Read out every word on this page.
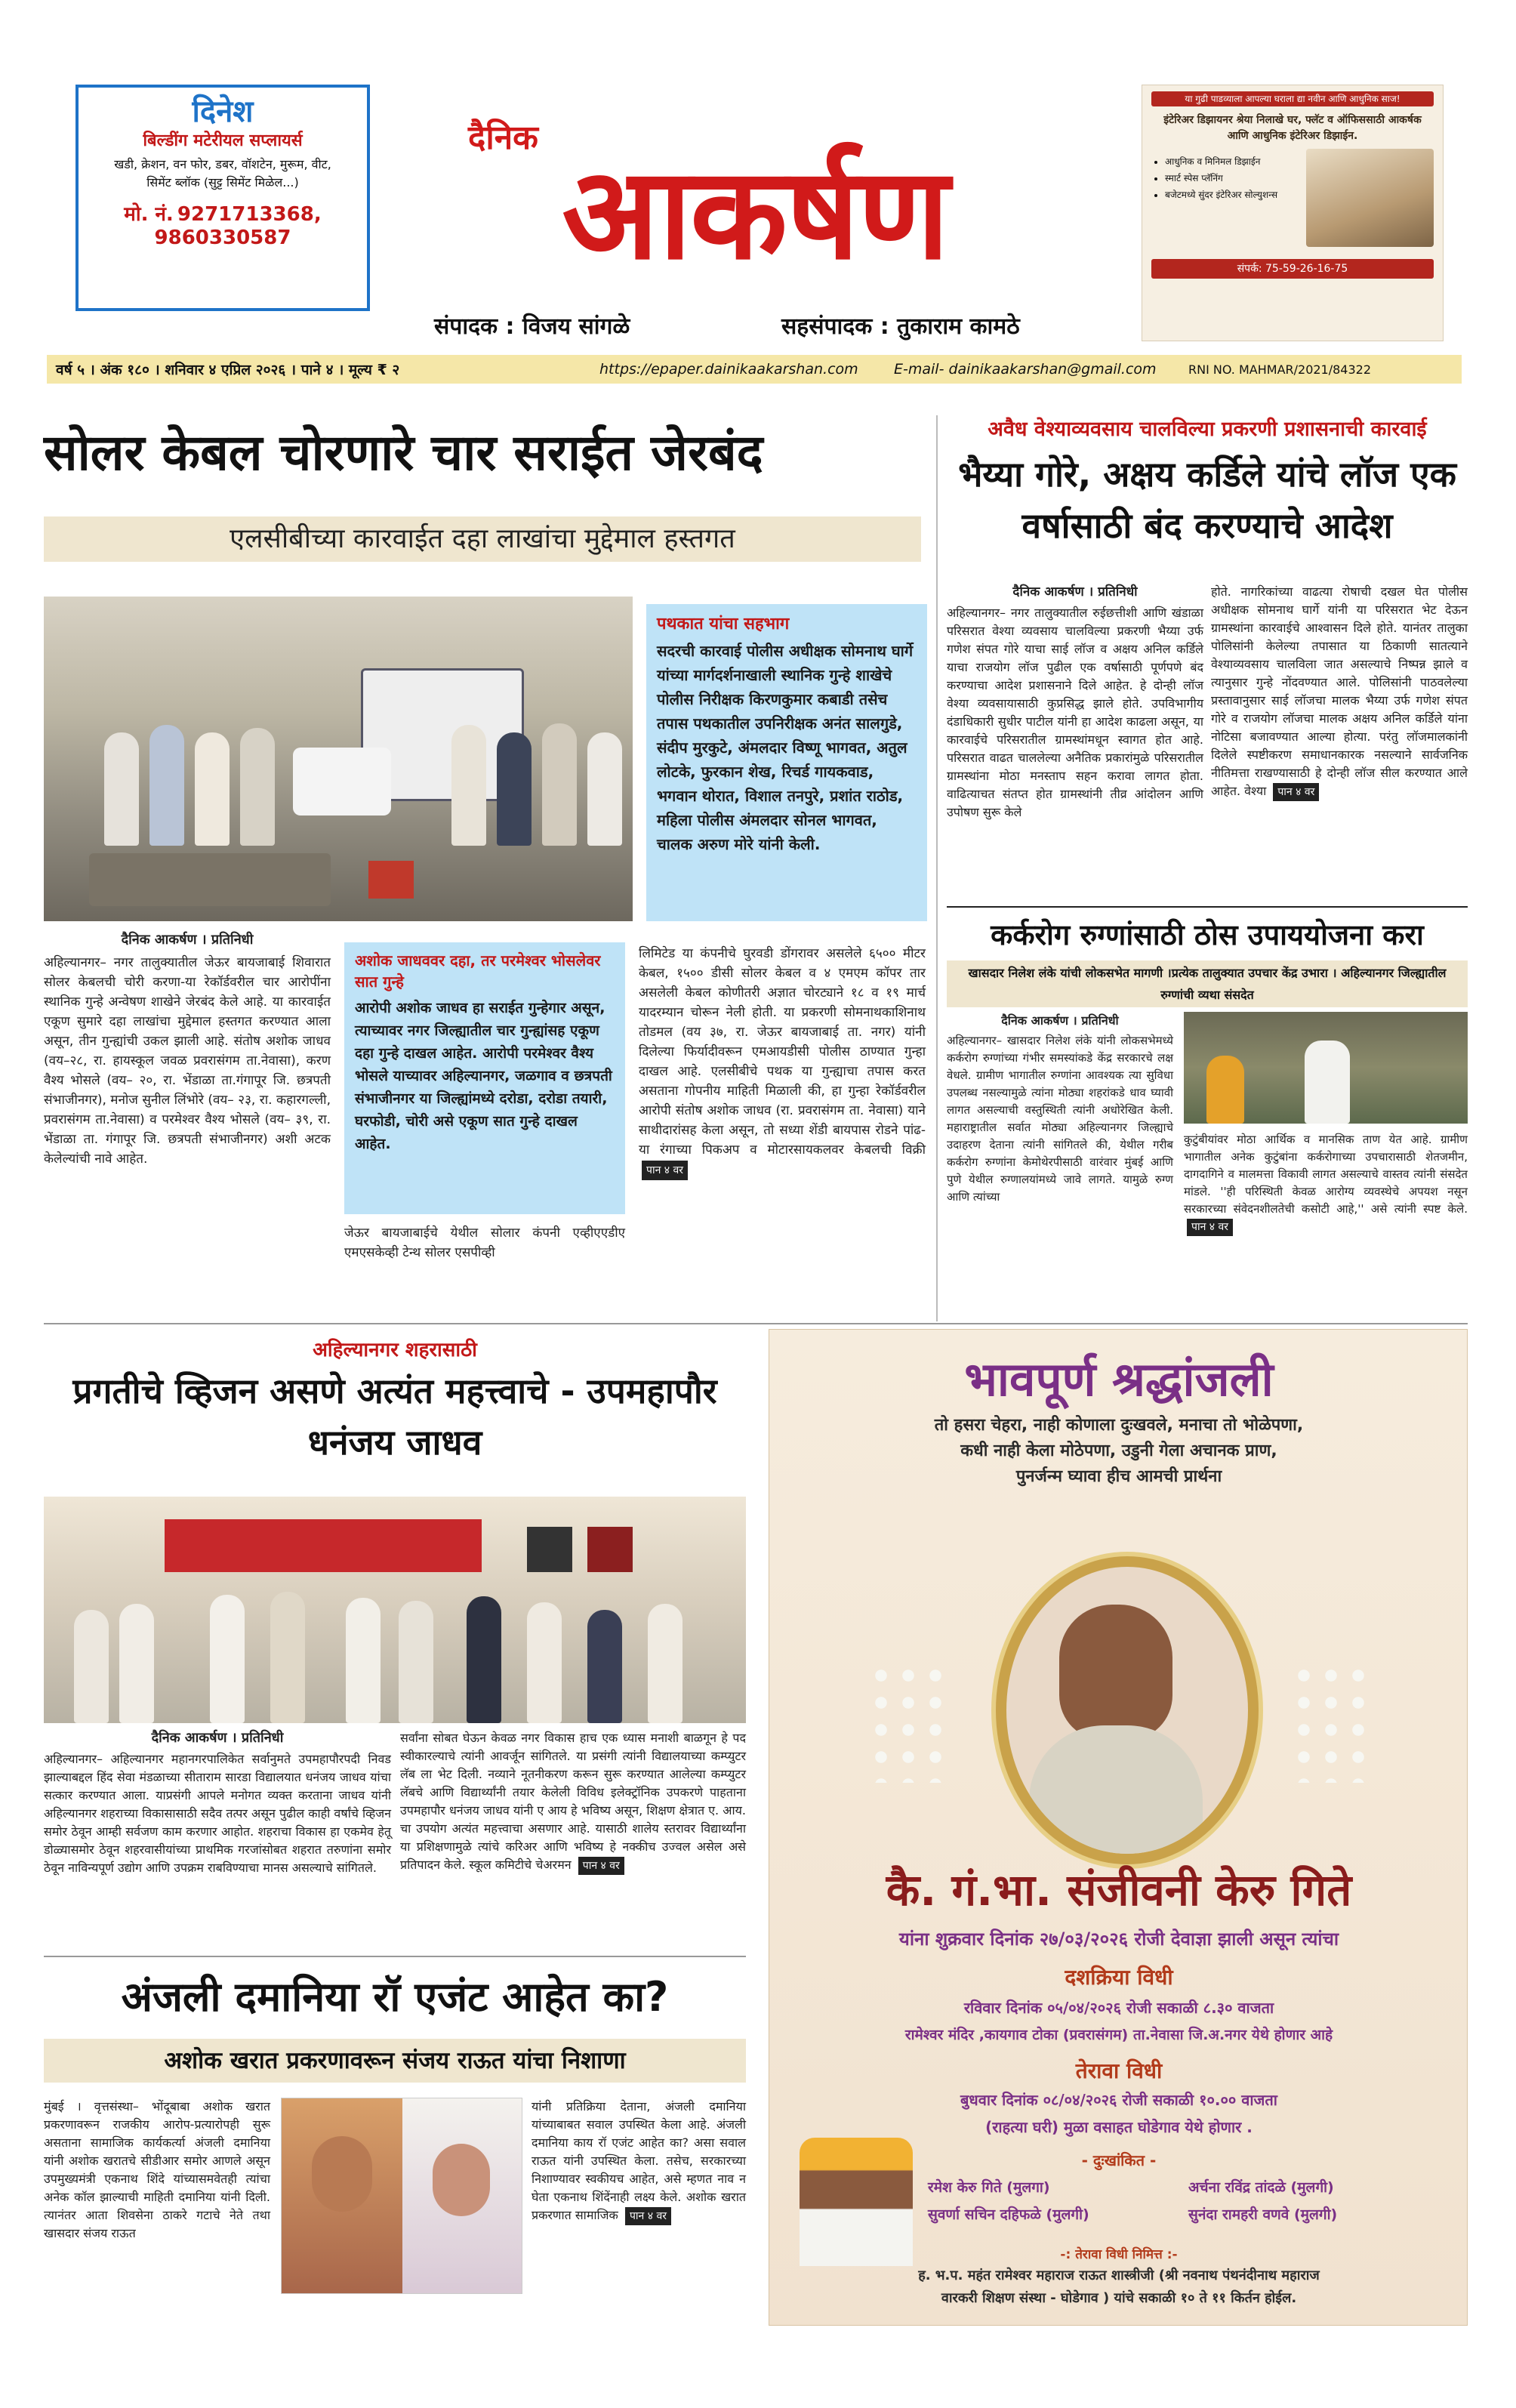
दिनेश
बिल्डींग मटेरीयल सप्लायर्स
खडी, क्रेशन, वन फोर, डबर, वॉशटेन, मुरूम, वीट, सिमेंट ब्लॉक (सुट्ट सिमेंट मिळेल...)
मो. नं. 9271713368,
9860330587
दैनिक
आकर्षण
संपादक : विजय सांगळे	सहसंपादक : तुकाराम कामठे
या गुढी पाडव्याला आपल्या घराला द्या नवीन आणि आधुनिक साज!
इंटेरिअर डिझायनर श्रेया निलाखे घर, फ्लॅट व ऑफिससाठी आकर्षक आणि आधुनिक इंटेरिअर डिझाईन.
• आधुनिक व मिनिमल डिझाईन
• स्मार्ट स्पेस प्लॅनिंग
• बजेटमध्ये सुंदर इंटेरिअर सोल्युशन्स
संपर्क: 75-59-26-16-75
वर्ष ५ । अंक १८० । शनिवार ४ एप्रिल २०२६ । पाने ४ । मूल्य ₹ २	https://epaper.dainikaakarshan.com	E-mail- dainikaakarshan@gmail.com	RNI NO. MAHMAR/2021/84322
सोलर केबल चोरणारे चार सराईत जेरबंद
एलसीबीच्या कारवाईत दहा लाखांचा मुद्देमाल हस्तगत
पथकात यांचा सहभाग
सदरची कारवाई पोलीस अधीक्षक सोमनाथ घार्गे यांच्या मार्गदर्शनाखाली स्थानिक गुन्हे शाखेचे पोलीस निरीक्षक किरणकुमार कबाडी तसेच तपास पथकातील उपनिरीक्षक अनंत सालगुडे, संदीप मुरकुटे, अंमलदार विष्णू भागवत, अतुल लोटके, फुरकान शेख, रिचर्ड गायकवाड, भगवान थोरात, विशाल तनपुरे, प्रशांत राठोड, महिला पोलीस अंमलदार सोनल भागवत, चालक अरुण मोरे यांनी केली.
दैनिक आकर्षण । प्रतिनिधी

अहिल्यानगर– नगर तालुक्यातील जेऊर बायजाबाई शिवारात सोलर केबलची चोरी करणा-या रेकॉर्डवरील चार आरोपींना स्थानिक गुन्हे अन्वेषण शाखेने जेरबंद केले आहे. या कारवाईत एकूण सुमारे दहा लाखांचा मुद्देमाल हस्तगत करण्यात आला असून, तीन गुन्ह्यांची उकल झाली आहे. संतोष अशोक जाधव (वय–२८, रा. हायस्कूल जवळ प्रवरासंगम ता.नेवासा), करण वैश्य भोसले (वय– २०, रा. भेंडाळा ता.गंगापूर जि. छत्रपती संभाजीनगर), मनोज सुनील लिंभोरे (वय– २३, रा. कहारगल्ली, प्रवरासंगम ता.नेवासा) व परमेश्वर वैश्य भोसले (वय– ३९, रा. भेंडाळा ता. गंगापूर जि. छत्रपती संभाजीनगर) अशी अटक केलेल्यांची नावे आहेत.

अशोक जाधववर दहा, तर परमेश्वर भोसलेवर सात गुन्हे
आरोपी अशोक जाधव हा सराईत गुन्हेगार असून, त्याच्यावर नगर जिल्ह्यातील चार गुन्ह्यांसह एकूण दहा गुन्हे दाखल आहेत. आरोपी परमेश्वर वैश्य भोसले याच्यावर अहिल्यानगर, जळगाव व छत्रपती संभाजीनगर या जिल्ह्यांमध्ये दरोडा, दरोडा तयारी, घरफोडी, चोरी असे एकूण सात गुन्हे दाखल आहेत.
जेऊर बायजाबाईचे येथील सोलार कंपनी एव्हीएएडीए एमएसकेव्ही टेन्थ सोलर एसपीव्ही

लिमिटेड या कंपनीचे घुरवडी डोंगरावर असलेले ६५०० मीटर केबल, १५०० डीसी सोलर केबल व ४ एमएम कॉपर तार असलेली केबल कोणीतरी अज्ञात चोरट्याने १८ व १९ मार्च यादरम्यान चोरून नेली होती. या प्रकरणी सोमनाथकाशिनाथ तोडमल (वय ३७, रा. जेऊर बायजाबाई ता. नगर) यांनी दिलेल्या फिर्यादीवरून एमआयडीसी पोलीस ठाण्यात गुन्हा दाखल आहे. एलसीबीचे पथक या गुन्ह्याचा तपास करत असताना गोपनीय माहिती मिळाली की, हा गुन्हा रेकॉर्डवरील आरोपी संतोष अशोक जाधव (रा. प्रवरासंगम ता. नेवासा) याने साथीदारांसह केला असून, तो सध्या शेंडी बायपास रोडने पांढ-या रंगाच्या पिकअप व मोटारसायकलवर केबलची विक्री पान ४ वर

अवैध वेश्याव्यवसाय चालविल्या प्रकरणी प्रशासनाची कारवाई
भैय्या गोरे, अक्षय कर्डिले यांचे लॉज एक वर्षासाठी बंद करण्याचे आदेश
दैनिक आकर्षण । प्रतिनिधी

अहिल्यानगर– नगर तालुक्यातील रुईछत्तीशी आणि खंडाळा परिसरात वेश्या व्यवसाय चालविल्या प्रकरणी भैय्या उर्फ गणेश संपत गोरे याचा साई लॉज व अक्षय अनिल कर्डिले याचा राजयोग लॉज पुढील एक वर्षासाठी पूर्णपणे बंद करण्याचा आदेश प्रशासनाने दिले आहेत. हे दोन्ही लॉज वेश्या व्यवसायासाठी कुप्रसिद्ध झाले होते. उपविभागीय दंडाधिकारी सुधीर पाटील यांनी हा आदेश काढला असून, या कारवाईचे परिसरातील ग्रामस्थांमधून स्वागत होत आहे. परिसरात वाढत चाललेल्या अनैतिक प्रकारांमुळे परिसरातील ग्रामस्थांना मोठा मनस्ताप सहन करावा लागत होता. वाढित्याचत संतप्त होत ग्रामस्थांनी तीव्र आंदोलन आणि उपोषण सुरू केले

होते. नागरिकांच्या वाढत्या रोषाची दखल घेत पोलीस अधीक्षक सोमनाथ घार्गे यांनी या परिसरात भेट देऊन ग्रामस्थांना कारवाईचे आश्वासन दिले होते. यानंतर तालुका पोलिसांनी केलेल्या तपासात या ठिकाणी सातत्याने वेश्याव्यवसाय चालविला जात असल्याचे निष्पन्न झाले व त्यानुसार गुन्हे नोंदवण्यात आले. पोलिसांनी पाठवलेल्या प्रस्तावानुसार साई लॉजचा मालक भैय्या उर्फ गणेश संपत गोरे व राजयोग लॉजचा मालक अक्षय अनिल कर्डिले यांना नोटिसा बजावण्यात आल्या होत्या. परंतु लॉजमालकांनी दिलेले स्पष्टीकरण समाधानकारक नसल्याने सार्वजनिक नीतिमत्ता राखण्यासाठी हे दोन्ही लॉज सील करण्यात आले आहेत. वेश्या पान ४ वर

कर्करोग रुग्णांसाठी ठोस उपाययोजना करा
खासदार निलेश लंके यांची लोकसभेत मागणी ।प्रत्येक तालुक्यात उपचार केंद्र उभारा । अहिल्यानगर जिल्ह्यातील रुग्णांची व्यथा संसदेत
दैनिक आकर्षण । प्रतिनिधी

अहिल्यानगर– खासदार निलेश लंके यांनी लोकसभेमध्ये कर्करोग रुग्णांच्या गंभीर समस्यांकडे केंद्र सरकारचे लक्ष वेधले. ग्रामीण भागातील रुग्णांना आवश्यक त्या सुविधा उपलब्ध नसल्यामुळे त्यांना मोठ्या शहरांकडे धाव घ्यावी लागत असल्याची वस्तुस्थिती त्यांनी अधोरेखित केली. महाराष्ट्रातील सर्वात मोठ्या अहिल्यानगर जिल्ह्याचे उदाहरण देताना त्यांनी सांगितले की, येथील गरीब कर्करोग रुग्णांना केमोथेरपीसाठी वारंवार मुंबई आणि पुणे येथील रुग्णालयांमध्ये जावे लागते. यामुळे रुग्ण आणि त्यांच्या

कुटुंबीयांवर मोठा आर्थिक व मानसिक ताण येत आहे. ग्रामीण भागातील अनेक कुटुंबांना कर्करोगाच्या उपचारासाठी शेतजमीन, दागदागिने व मालमत्ता विकावी लागत असल्याचे वास्तव त्यांनी संसदेत मांडले. ''ही परिस्थिती केवळ आरोग्य व्यवस्थेचे अपयश नसून सरकारच्या संवेदनशीलतेची कसोटी आहे,'' असे त्यांनी स्पष्ट केले. पान ४ वर

अहिल्यानगर शहरासाठी
प्रगतीचे व्हिजन असणे अत्यंत महत्त्वाचे - उपमहापौर धनंजय जाधव
दैनिक आकर्षण । प्रतिनिधी

अहिल्यानगर– अहिल्यानगर महानगरपालिकेत सर्वानुमते उपमहापौरपदी निवड झाल्याबद्दल हिंद सेवा मंडळाच्या सीताराम सारडा विद्यालयात धनंजय जाधव यांचा सत्कार करण्यात आला. याप्रसंगी आपले मनोगत व्यक्त करताना जाधव यांनी अहिल्यानगर शहराच्या विकासासाठी सदैव तत्पर असून पुढील काही वर्षांचे व्हिजन समोर ठेवून आम्ही सर्वजण काम करणार आहोत. शहराचा विकास हा एकमेव हेतू डोळ्यासमोर ठेवून शहरवासीयांच्या प्राथमिक गरजांसोबत शहरात तरुणांना समोर ठेवून नाविन्यपूर्ण उद्योग आणि उपक्रम राबविण्याचा मानस असल्याचे सांगितले.

सर्वांना सोबत घेऊन केवळ नगर विकास हाच एक ध्यास मनाशी बाळगून हे पद स्वीकारल्याचे त्यांनी आवर्जून सांगितले. या प्रसंगी त्यांनी विद्यालयाच्या कम्प्युटर लॅब ला भेट दिली. नव्याने नूतनीकरण करून सुरू करण्यात आलेल्या कम्प्युटर लॅबचे आणि विद्यार्थ्यांनी तयार केलेली विविध इलेक्ट्रॉनिक उपकरणे पाहताना उपमहापौर धनंजय जाधव यांनी ए आय हे भविष्य असून, शिक्षण क्षेत्रात ए. आय. चा उपयोग अत्यंत महत्त्वाचा असणार आहे. यासाठी शालेय स्तरावर विद्यार्थ्यांना या प्रशिक्षणामुळे त्यांचे करिअर आणि भविष्य हे नक्कीच उज्वल असेल असे प्रतिपादन केले. स्कूल कमिटीचे चेअरमन पान ४ वर

अंजली दमानिया रॉ एजंट आहेत का?
अशोक खरात प्रकरणावरून संजय राऊत यांचा निशाणा

मुंबई । वृत्तसंस्था– भोंदूबाबा अशोक खरात प्रकरणावरून राजकीय आरोप-प्रत्यारोपही सुरू असताना सामाजिक कार्यकर्त्या अंजली दमानिया यांनी अशोक खरातचे सीडीआर समोर आणले असून उपमुख्यमंत्री एकनाथ शिंदे यांच्यासमवेतही त्यांचा अनेक कॉल झाल्याची माहिती दमानिया यांनी दिली. त्यानंतर आता शिवसेना ठाकरे गटाचे नेते तथा खासदार संजय राऊत

यांनी प्रतिक्रिया देताना, अंजली दमानिया यांच्याबाबत सवाल उपस्थित केला आहे. अंजली दमानिया काय रॉ एजंट आहेत का? असा सवाल राऊत यांनी उपस्थित केला. तसेच, सरकारच्या निशाण्यावर स्वकीयच आहेत, असे म्हणत नाव न घेता एकनाथ शिंदेंनाही लक्ष्य केले. अशोक खरात प्रकरणात सामाजिक पान ४ वर

भावपूर्ण श्रद्धांजली
तो हसरा चेहरा, नाही कोणाला दुःखवले, मनाचा तो भोळेपणा,
कधी नाही केला मोठेपणा, उडुनी गेला अचानक प्राण,
पुनर्जन्म घ्यावा हीच आमची प्रार्थना
कै. गं.भा. संजीवनी केरु गिते
यांना शुक्रवार दिनांक २७/०३/२०२६ रोजी देवाज्ञा झाली असून त्यांचा
दशक्रिया विधी
रविवार दिनांक ०५/०४/२०२६ रोजी सकाळी ८.३० वाजता
रामेश्वर मंदिर ,कायगाव टोका (प्रवरासंगम) ता.नेवासा जि.अ.नगर येथे होणार आहे
तेरावा विधी
बुधवार दिनांक ०८/०४/२०२६ रोजी सकाळी १०.०० वाजता
(राहत्या घरी) मुळा वसाहत घोडेगाव येथे होणार .
- दुःखांकित -
रमेश केरु गिते (मुलगा)	अर्चना रविंद्र तांदळे (मुलगी)
सुवर्णा सचिन दहिफळे (मुलगी)	सुनंदा रामहरी वणवे (मुलगी)
-: तेरावा विधी निमित्त :-
ह. भ.प. महंत रामेश्वर महाराज राऊत शास्त्रीजी (श्री नवनाथ पंथनंदीनाथ महाराज
वारकरी शिक्षण संस्था - घोडेगाव ) यांचे सकाळी १० ते ११ किर्तन होईल.
